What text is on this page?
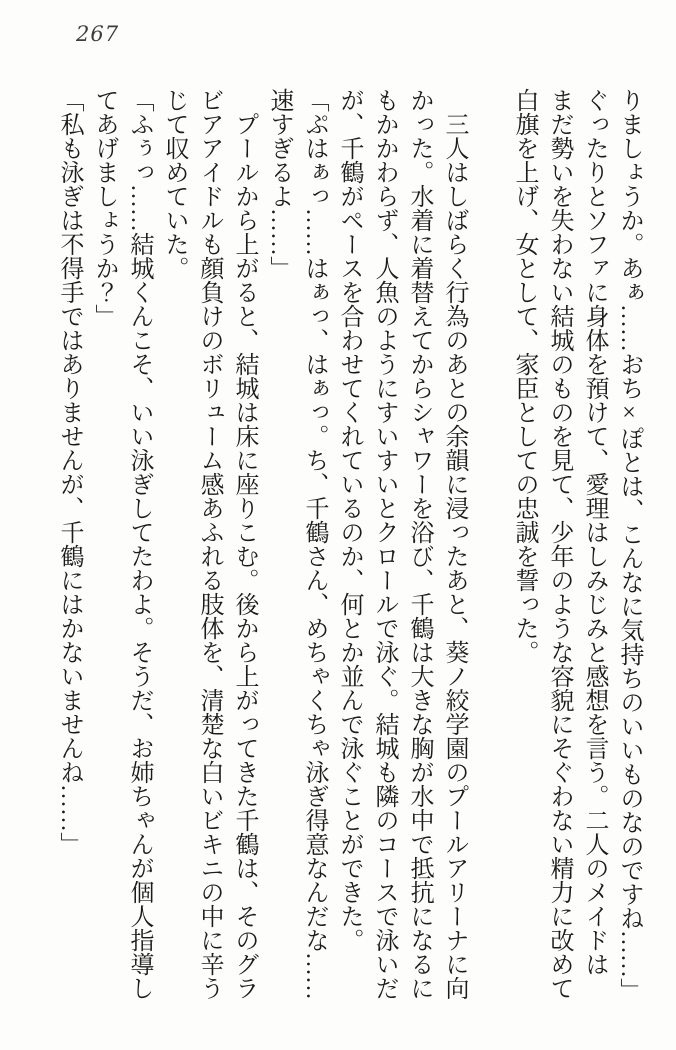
267

りましょうか。あぁ……おち×ぽとは、こんなに気持ちのいいものなのですね……」

ぐったりとソファに身体を預けて、愛理はしみじみと感想を言う。二人のメイドは

まだ勢いを失わない結城のものを見て、少年のような容貌にそぐわない精力に改めて

白旗を上げ、女として、家臣としての忠誠を誓った。

　三人はしばらく行為のあとの余韻に浸ったあと、葵ノ絞学園のプールアリーナに向

かった。水着に着替えてからシャワーを浴び、千鶴は大きな胸が水中で抵抗になるに

もかかわらず、人魚のようにすいすいとクロールで泳ぐ。結城も隣のコースで泳いだ

が、千鶴がペースを合わせてくれているのか、何とか並んで泳ぐことができた。

「ぷはぁっ……はぁっ、はぁっ。ち、千鶴さん、めちゃくちゃ泳ぎ得意なんだな……

速すぎるよ……」

　プールから上がると、結城は床に座りこむ。後から上がってきた千鶴は、そのグラ

ビアアイドルも顔負けのボリューム感あふれる肢体を、清楚な白いビキニの中に辛う

じて収めていた。

「ふぅっ……結城くんこそ、いい泳ぎしてたわよ。そうだ、お姉ちゃんが個人指導し

てあげましょうか？」

「私も泳ぎは不得手ではありませんが、千鶴にはかないませんね……」
